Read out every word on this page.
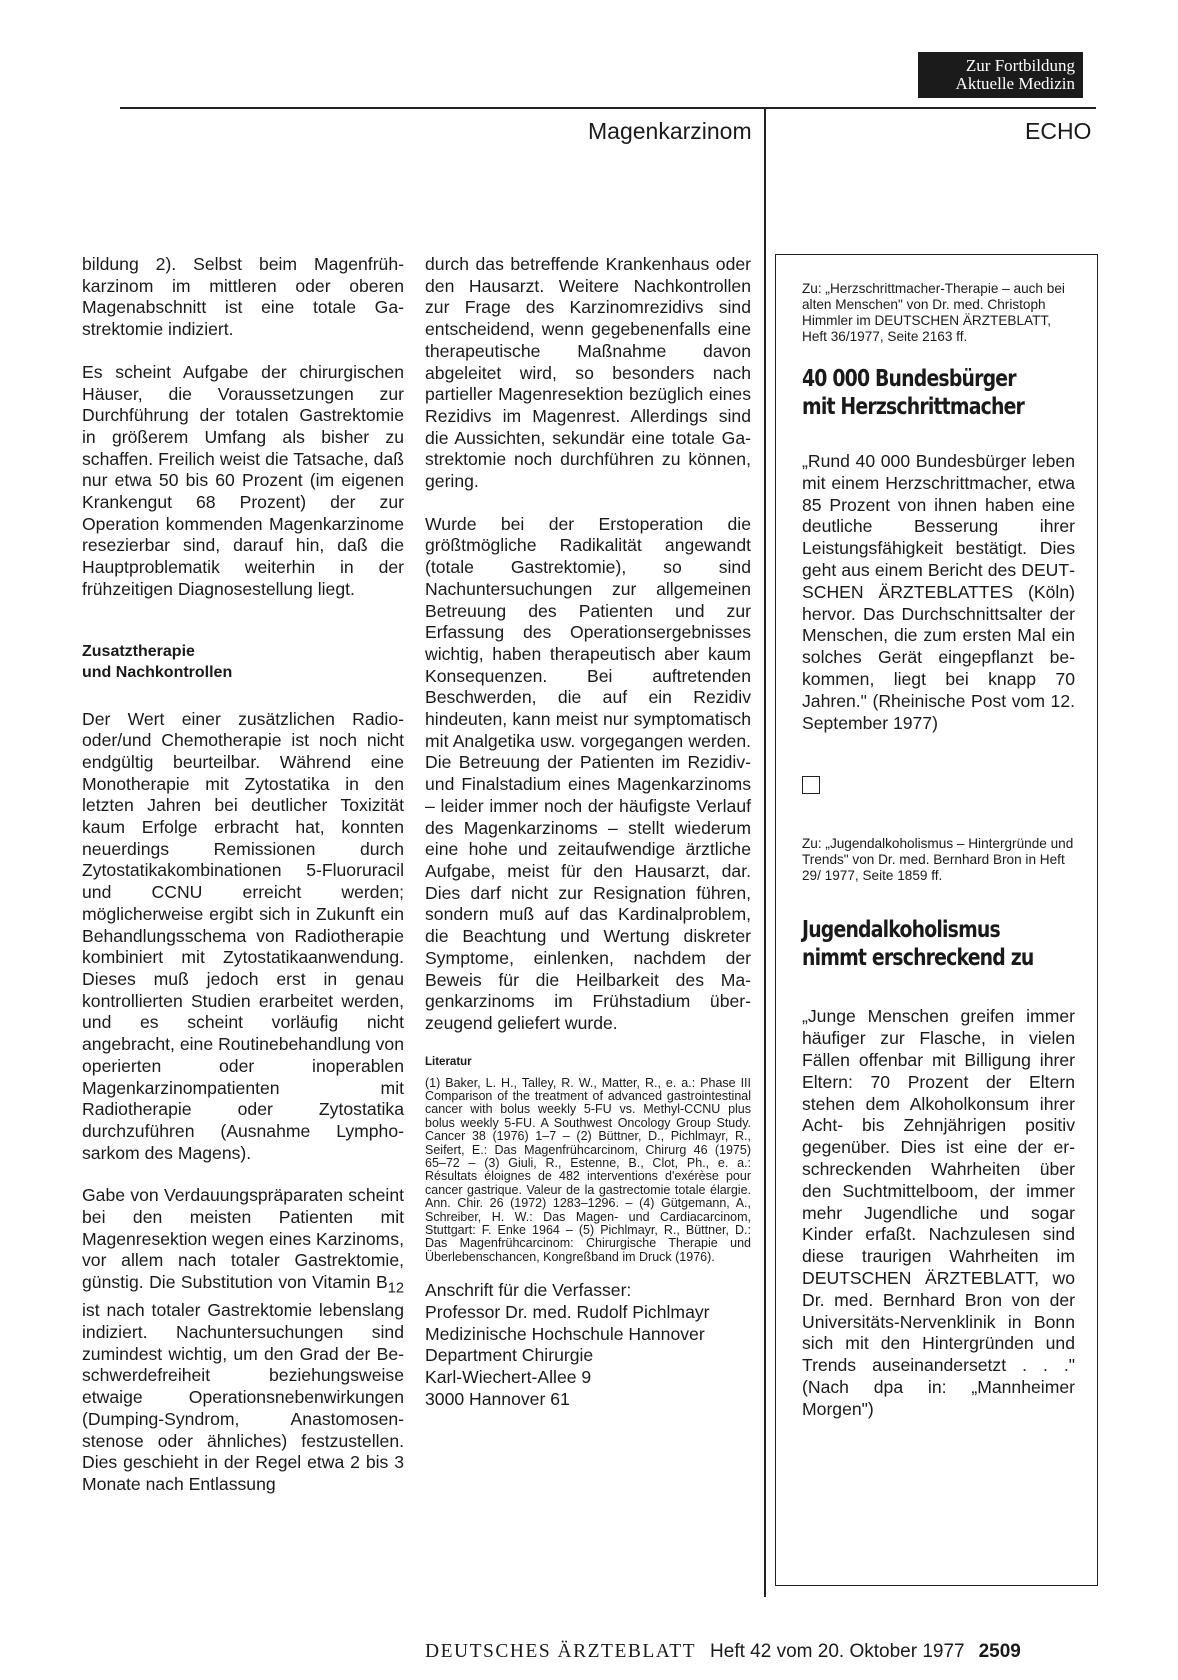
Zur Fortbildung
Aktuelle Medizin
Magenkarzinom	ECHO

bildung 2). Selbst beim Magenfrühkarzinom im mittleren oder oberen Magenabschnitt ist eine totale Gastrektomie indiziert.

Es scheint Aufgabe der chirurgischen Häuser, die Voraussetzungen zur Durchführung der totalen Gastrektomie in größerem Umfang als bisher zu schaffen. Freilich weist die Tatsache, daß nur etwa 50 bis 60 Prozent (im eigenen Krankengut 68 Prozent) der zur Operation kommenden Magenkarzinome resezierbar sind, darauf hin, daß die Hauptproblematik weiterhin in der frühzeitigen Diagnosestellung liegt.

Zusatztherapie
und Nachkontrollen

Der Wert einer zusätzlichen Radio- oder/und Chemotherapie ist noch nicht endgültig beurteilbar. Während eine Monotherapie mit Zytostatika in den letzten Jahren bei deutlicher Toxizität kaum Erfolge erbracht hat, konnten neuerdings Remissionen durch Zytostatikakombinationen 5-Fluoruracil und CCNU erreicht werden; möglicherweise ergibt sich in Zukunft ein Behandlungsschema von Radiotherapie kombiniert mit Zytostatikaanwendung. Dieses muß jedoch erst in genau kontrollierten Studien erarbeitet werden, und es scheint vorläufig nicht angebracht, eine Routinebehandlung von operierten oder inoperablen Magenkarzinompatienten mit Radiotherapie oder Zytostatika durchzuführen (Ausnahme Lymphosarkom des Magens).

Gabe von Verdauungspräparaten scheint bei den meisten Patienten mit Magenresektion wegen eines Karzinoms, vor allem nach totaler Gastrektomie, günstig. Die Substitution von Vitamin $B_{12}$ ist nach totaler Gastrektomie lebenslang indiziert. Nachuntersuchungen sind zumindest wichtig, um den Grad der Beschwerdefreiheit beziehungsweise etwaige Operationsnebenwirkungen (Dumping-Syndrom, Anastomosenstenose oder ähnliches) festzustellen. Dies geschieht in der Regel etwa 2 bis 3 Monate nach Entlassung

durch das betreffende Krankenhaus oder den Hausarzt. Weitere Nachkontrollen zur Frage des Karzinomrezidivs sind entscheidend, wenn gegebenenfalls eine therapeutische Maßnahme davon abgeleitet wird, so besonders nach partieller Magenresektion bezüglich eines Rezidivs im Magenrest. Allerdings sind die Aussichten, sekundär eine totale Gastrektomie noch durchführen zu können, gering.

Wurde bei der Erstoperation die größtmögliche Radikalität angewandt (totale Gastrektomie), so sind Nachuntersuchungen zur allgemeinen Betreuung des Patienten und zur Erfassung des Operationsergebnisses wichtig, haben therapeutisch aber kaum Konsequenzen. Bei auftretenden Beschwerden, die auf ein Rezidiv hindeuten, kann meist nur symptomatisch mit Analgetika usw. vorgegangen werden. Die Betreuung der Patienten im Rezidiv- und Finalstadium eines Magenkarzinoms – leider immer noch der häufigste Verlauf des Magenkarzinoms – stellt wiederum eine hohe und zeitaufwendige ärztliche Aufgabe, meist für den Hausarzt, dar. Dies darf nicht zur Resignation führen, sondern muß auf das Kardinalproblem, die Beachtung und Wertung diskreter Symptome, einlenken, nachdem der Beweis für die Heilbarkeit des Magenkarzinoms im Frühstadium überzeugend geliefert wurde.

Literatur
(1) Baker, L. H., Talley, R. W., Matter, R., e. a.: Phase III Comparison of the treatment of advanced gastrointestinal cancer with bolus weekly 5-FU vs. Methyl-CCNU plus bolus weekly 5-FU. A Southwest Oncology Group Study. Cancer 38 (1976) 1–7 – (2) Büttner, D., Pichlmayr, R., Seifert, E.: Das Magenfrühcarcinom, Chirurg 46 (1975) 65–72 – (3) Giuli, R., Estenne, B., Clot, Ph., e. a.: Résultats éloignes de 482 interventions d'exérèse pour cancer gastrique. Valeur de la gastrectomie totale élargie. Ann. Chir. 26 (1972) 1283–1296. – (4) Gütgemann, A., Schreiber, H. W.: Das Magen- und Cardiacarcinom, Stuttgart: F. Enke 1964 – (5) Pichlmayr, R., Büttner, D.: Das Magenfrühcarcinom: Chirurgische Therapie und Überlebenschancen, Kongreßband im Druck (1976).
Anschrift für die Verfasser:
Professor Dr. med. Rudolf Pichlmayr
Medizinische Hochschule Hannover
Department Chirurgie
Karl-Wiechert-Allee 9
3000 Hannover 61

Zu: „Herzschrittmacher-Therapie – auch bei alten Menschen" von Dr. med. Christoph Himmler im DEUTSCHEN ÄRZTEBLATT, Heft 36/1977, Seite 2163 ff.

40 000 Bundesbürger
mit Herzschrittmacher

„Rund 40 000 Bundesbürger leben mit einem Herzschrittmacher, etwa 85 Prozent von ihnen haben eine deutliche Besserung ihrer Leistungsfähigkeit bestätigt. Dies geht aus einem Bericht des DEUTSCHEN ÄRZTEBLATTES (Köln) hervor. Das Durchschnittsalter der Menschen, die zum ersten Mal ein solches Gerät eingepflanzt bekommen, liegt bei knapp 70 Jahren." (Rheinische Post vom 12. September 1977)

Zu: „Jugendalkoholismus – Hintergründe und Trends" von Dr. med. Bernhard Bron in Heft 29/ 1977, Seite 1859 ff.

Jugendalkoholismus
nimmt erschreckend zu

„Junge Menschen greifen immer häufiger zur Flasche, in vielen Fällen offenbar mit Billigung ihrer Eltern: 70 Prozent der Eltern stehen dem Alkoholkonsum ihrer Acht- bis Zehnjährigen positiv gegenüber. Dies ist eine der erschreckenden Wahrheiten über den Suchtmittelboom, der immer mehr Jugendliche und sogar Kinder erfaßt. Nachzulesen sind diese traurigen Wahrheiten im DEUTSCHEN ÄRZTEBLATT, wo Dr. med. Bernhard Bron von der Universitäts-Nervenklinik in Bonn sich mit den Hintergründen und Trends auseinandersetzt . . ." (Nach dpa in: „Mannheimer Morgen")

DEUTSCHES ÄRZTEBLATT Heft 42 vom 20. Oktober 1977 2509
